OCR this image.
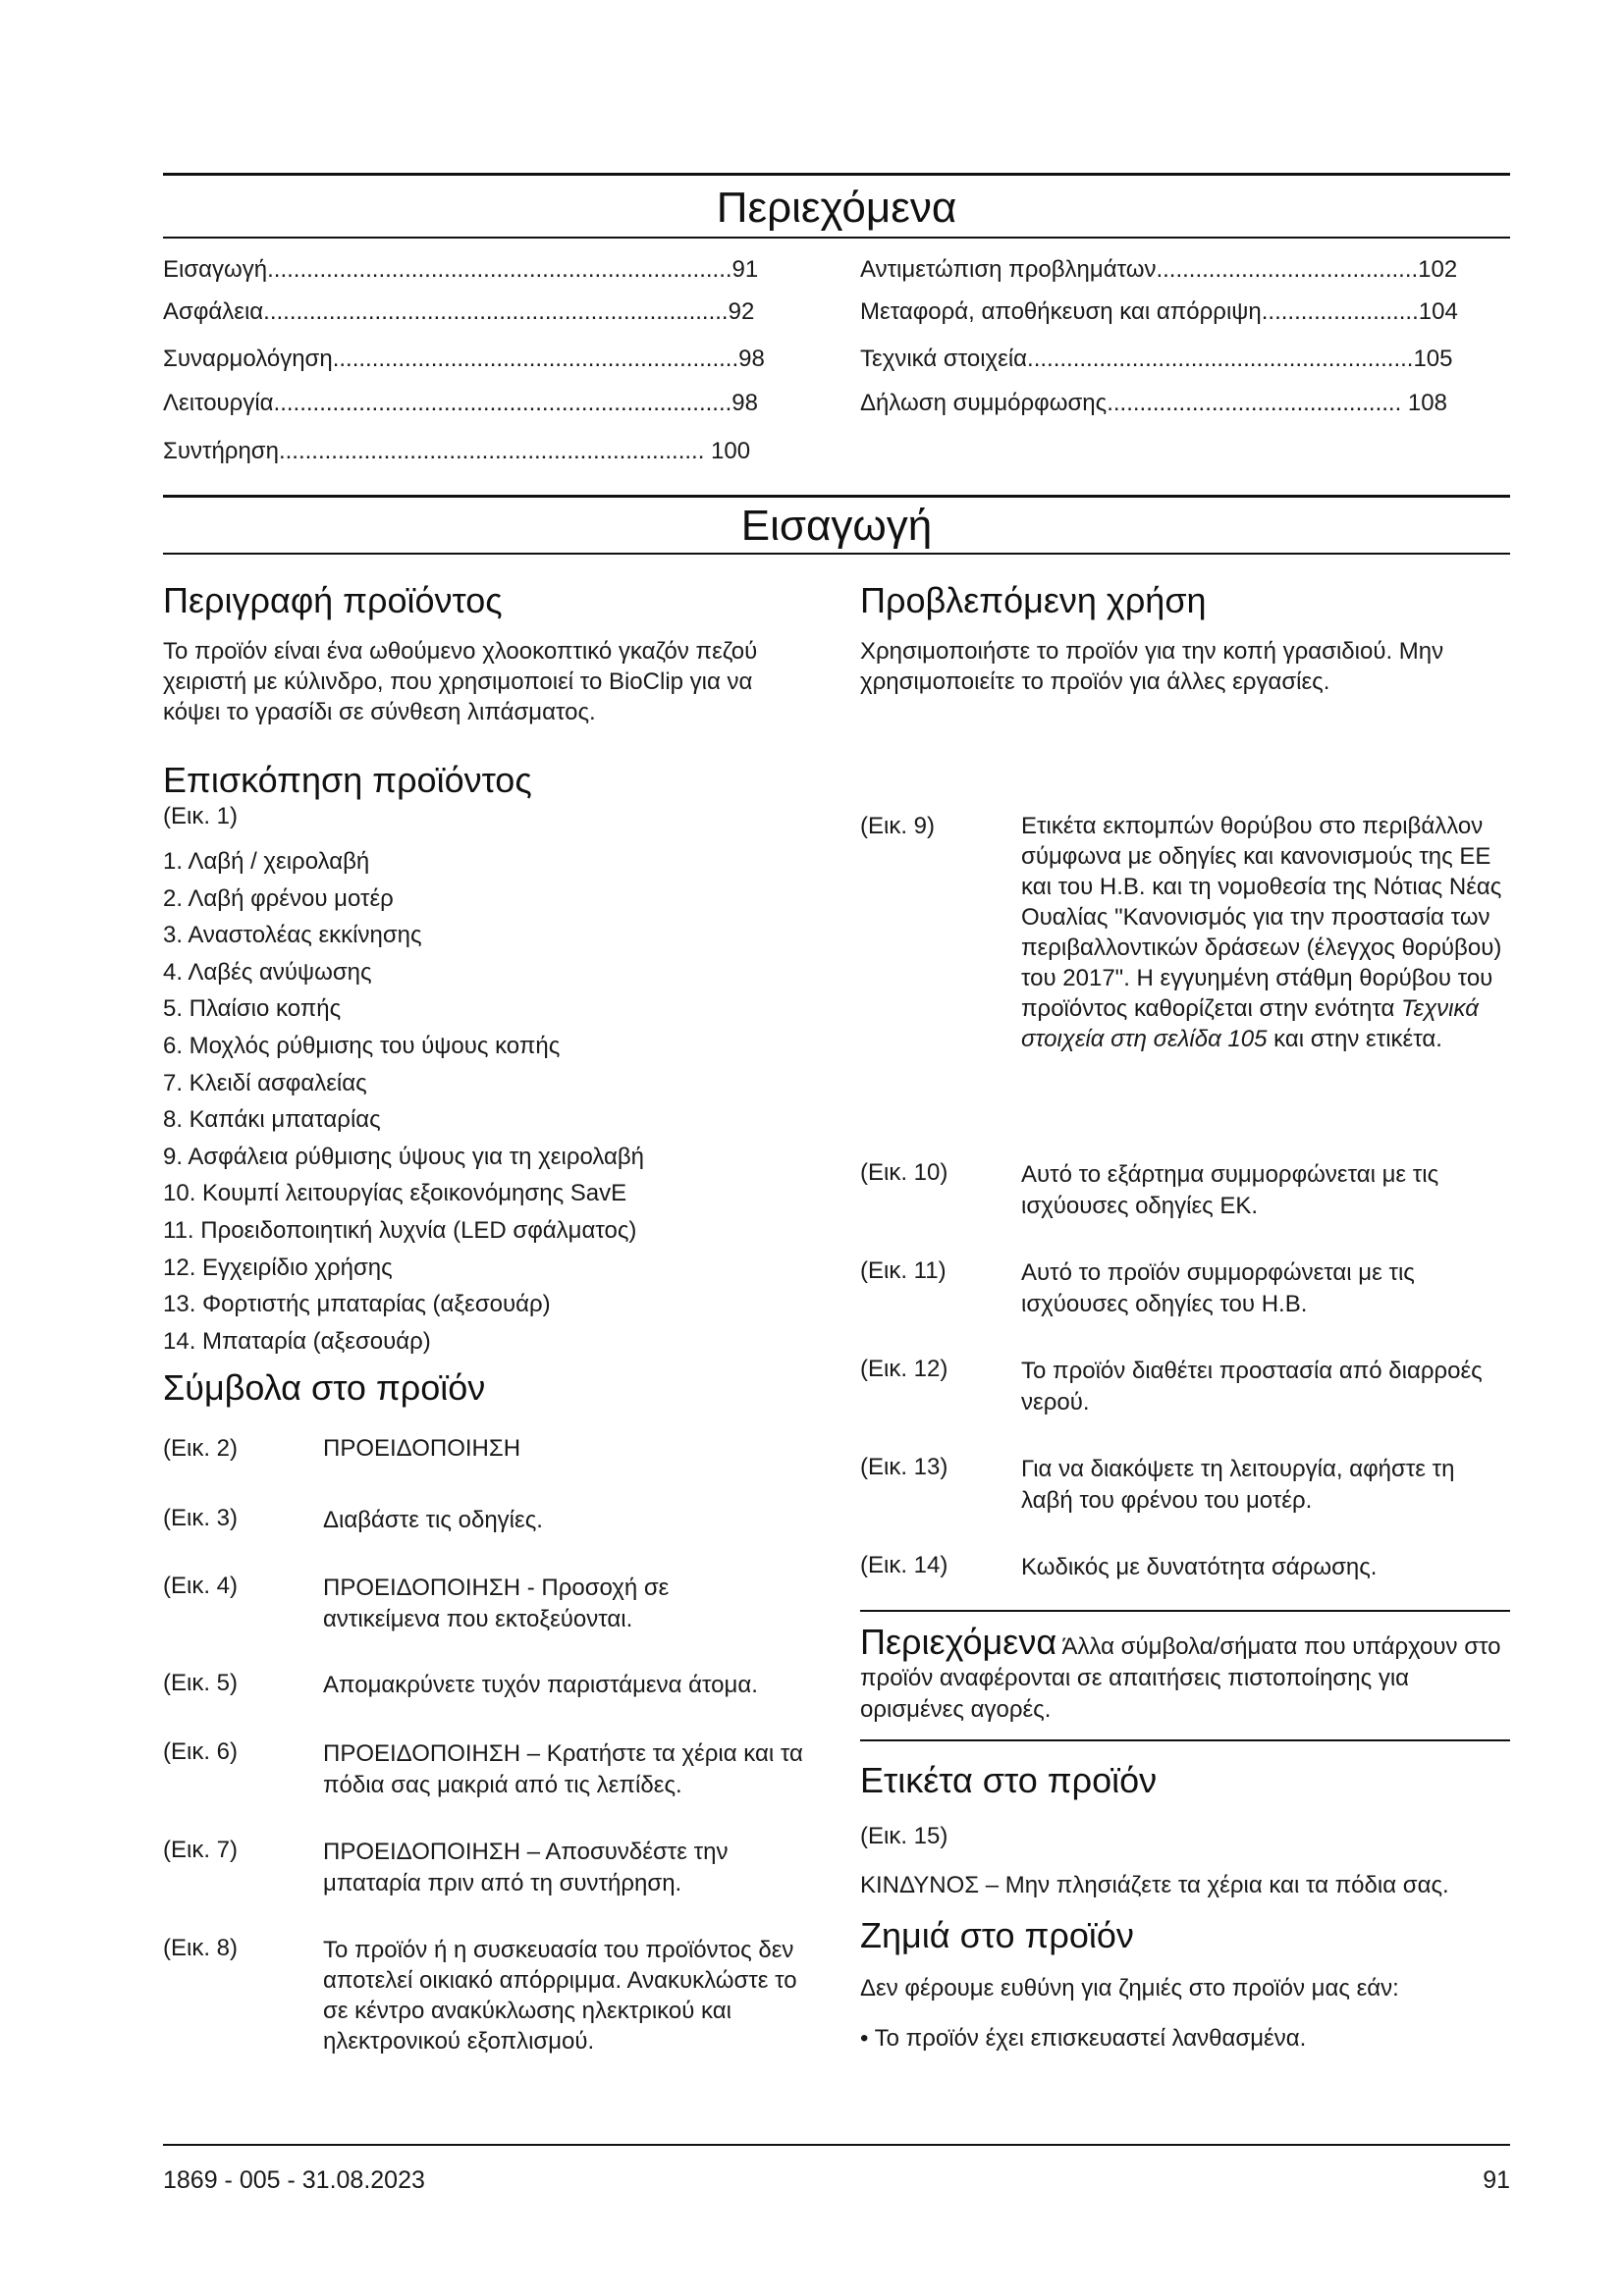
Περιεχόμενα
Εισαγωγή.......................................................................91
Ασφάλεια.......................................................................92
Συναρμολόγηση..............................................................98
Λειτουργία......................................................................98
Συντήρηση................................................................. 100
Αντιμετώπιση προβλημάτων........................................102
Μεταφορά, αποθήκευση και απόρριψη........................104
Τεχνικά στοιχεία...........................................................105
Δήλωση συμμόρφωσης............................................. 108
Εισαγωγή
Περιγραφή προϊόντος
Το προϊόν είναι ένα ωθούμενο χλοοκοπτικό γκαζόν πεζού χειριστή με κύλινδρο, που χρησιμοποιεί το BioClip για να κόψει το γρασίδι σε σύνθεση λιπάσματος.
Επισκόπηση προϊόντος
(Εικ. 1)
1. Λαβή / χειρολαβή
2. Λαβή φρένου μοτέρ
3. Αναστολέας εκκίνησης
4. Λαβές ανύψωσης
5. Πλαίσιο κοπής
6. Μοχλός ρύθμισης του ύψους κοπής
7. Κλειδί ασφαλείας
8. Καπάκι μπαταρίας
9. Ασφάλεια ρύθμισης ύψους για τη χειρολαβή
10. Κουμπί λειτουργίας εξοικονόμησης SavE
11. Προειδοποιητική λυχνία (LED σφάλματος)
12. Εγχειρίδιο χρήσης
13. Φορτιστής μπαταρίας (αξεσουάρ)
14. Μπαταρία (αξεσουάρ)
Σύμβολα στο προϊόν
(Εικ. 2)	ΠΡΟΕΙΔΟΠΟΙΗΣΗ
(Εικ. 3)	Διαβάστε τις οδηγίες.
(Εικ. 4)	ΠΡΟΕΙΔΟΠΟΙΗΣΗ - Προσοχή σε αντικείμενα που εκτοξεύονται.
(Εικ. 5)	Απομακρύνετε τυχόν παριστάμενα άτομα.
(Εικ. 6)	ΠΡΟΕΙΔΟΠΟΙΗΣΗ – Κρατήστε τα χέρια και τα πόδια σας μακριά από τις λεπίδες.
(Εικ. 7)	ΠΡΟΕΙΔΟΠΟΙΗΣΗ – Αποσυνδέστε την μπαταρία πριν από τη συντήρηση.
(Εικ. 8)	Το προϊόν ή η συσκευασία του προϊόντος δεν αποτελεί οικιακό απόρριμμα. Ανακυκλώστε το σε κέντρο ανακύκλωσης ηλεκτρικού και ηλεκτρονικού εξοπλισμού.
Προβλεπόμενη χρήση
Χρησιμοποιήστε το προϊόν για την κοπή γρασιδιού. Μην χρησιμοποιείτε το προϊόν για άλλες εργασίες.
(Εικ. 9)	Ετικέτα εκπομπών θορύβου στο περιβάλλον σύμφωνα με οδηγίες και κανονισμούς της ΕΕ και του Η.Β. και τη νομοθεσία της Νότιας Νέας Ουαλίας "Κανονισμός για την προστασία των περιβαλλοντικών δράσεων (έλεγχος θορύβου) του 2017". Η εγγυημένη στάθμη θορύβου του προϊόντος καθορίζεται στην ενότητα Τεχνικά στοιχεία στη σελίδα 105 και στην ετικέτα.
(Εικ. 10)	Αυτό το εξάρτημα συμμορφώνεται με τις ισχύουσες οδηγίες ΕΚ.
(Εικ. 11)	Αυτό το προϊόν συμμορφώνεται με τις ισχύουσες οδηγίες του Η.Β.
(Εικ. 12)	Το προϊόν διαθέτει προστασία από διαρροές νερού.
(Εικ. 13)	Για να διακόψετε τη λειτουργία, αφήστε τη λαβή του φρένου του μοτέρ.
(Εικ. 14)	Κωδικός με δυνατότητα σάρωσης.
Περιεχόμενα Άλλα σύμβολα/σήματα που υπάρχουν στο προϊόν αναφέρονται σε απαιτήσεις πιστοποίησης για ορισμένες αγορές.
Ετικέτα στο προϊόν
(Εικ. 15)
ΚΙΝΔΥΝΟΣ – Μην πλησιάζετε τα χέρια και τα πόδια σας.
Ζημιά στο προϊόν
Δεν φέρουμε ευθύνη για ζημιές στο προϊόν μας εάν:
• Το προϊόν έχει επισκευαστεί λανθασμένα.
1869 - 005 - 31.08.2023	91
